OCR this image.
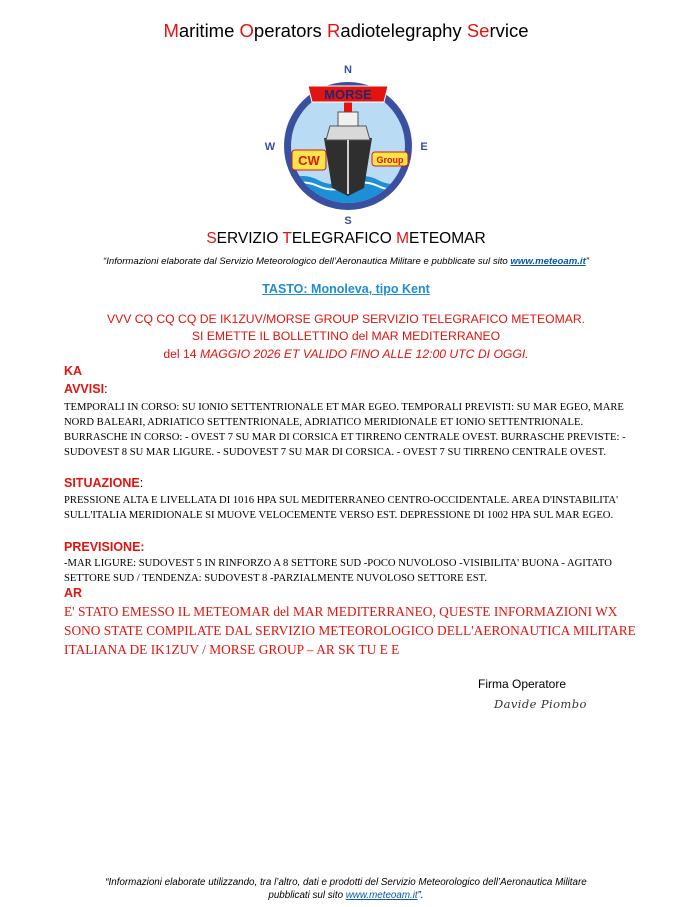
Maritime Operators Radiotelegraphy Service
N
S
W	E
MORSE
CW	Group
SERVIZIO TELEGRAFICO METEOMAR
“Informazioni elaborate dal Servizio Meteorologico dell’Aeronautica Militare e pubblicate sul sito www.meteoam.it”
TASTO: Monoleva, tipo Kent
VVV CQ CQ CQ DE IK1ZUV/MORSE GROUP SERVIZIO TELEGRAFICO METEOMAR.
SI EMETTE IL BOLLETTINO del MAR MEDITERRANEO
del 14 MAGGIO 2026 ET VALIDO FINO ALLE 12:00 UTC DI OGGI.
KA
AVVISI:
TEMPORALI IN CORSO: SU IONIO SETTENTRIONALE ET MAR EGEO. TEMPORALI PREVISTI: SU MAR EGEO, MARE NORD BALEARI, ADRIATICO SETTENTRIONALE, ADRIATICO MERIDIONALE ET IONIO SETTENTRIONALE. BURRASCHE IN CORSO: - OVEST 7 SU MAR DI CORSICA ET TIRRENO CENTRALE OVEST. BURRASCHE PREVISTE: - SUDOVEST 8 SU MAR LIGURE. - SUDOVEST 7 SU MAR DI CORSICA. - OVEST 7 SU TIRRENO CENTRALE OVEST.
SITUAZIONE:
PRESSIONE ALTA E LIVELLATA DI 1016 HPA SUL MEDITERRANEO CENTRO-OCCIDENTALE. AREA D'INSTABILITA' SULL'ITALIA MERIDIONALE SI MUOVE VELOCEMENTE VERSO EST. DEPRESSIONE DI 1002 HPA SUL MAR EGEO.
PREVISIONE:
-MAR LIGURE: SUDOVEST 5 IN RINFORZO A 8 SETTORE SUD -POCO NUVOLOSO -VISIBILITA' BUONA - AGITATO SETTORE SUD / TENDENZA: SUDOVEST 8 -PARZIALMENTE NUVOLOSO SETTORE EST.
AR
E' STATO EMESSO IL METEOMAR del MAR MEDITERRANEO, QUESTE INFORMAZIONI WX SONO STATE COMPILATE DAL SERVIZIO METEOROLOGICO DELL'AERONAUTICA MILITARE ITALIANA DE IK1ZUV / MORSE GROUP – AR SK TU E E
Firma Operatore
Davide Piombo
“Informazioni elaborate utilizzando, tra l’altro, dati e prodotti del Servizio Meteorologico dell’Aeronautica Militare
pubblicati sul sito www.meteoam.it”.
